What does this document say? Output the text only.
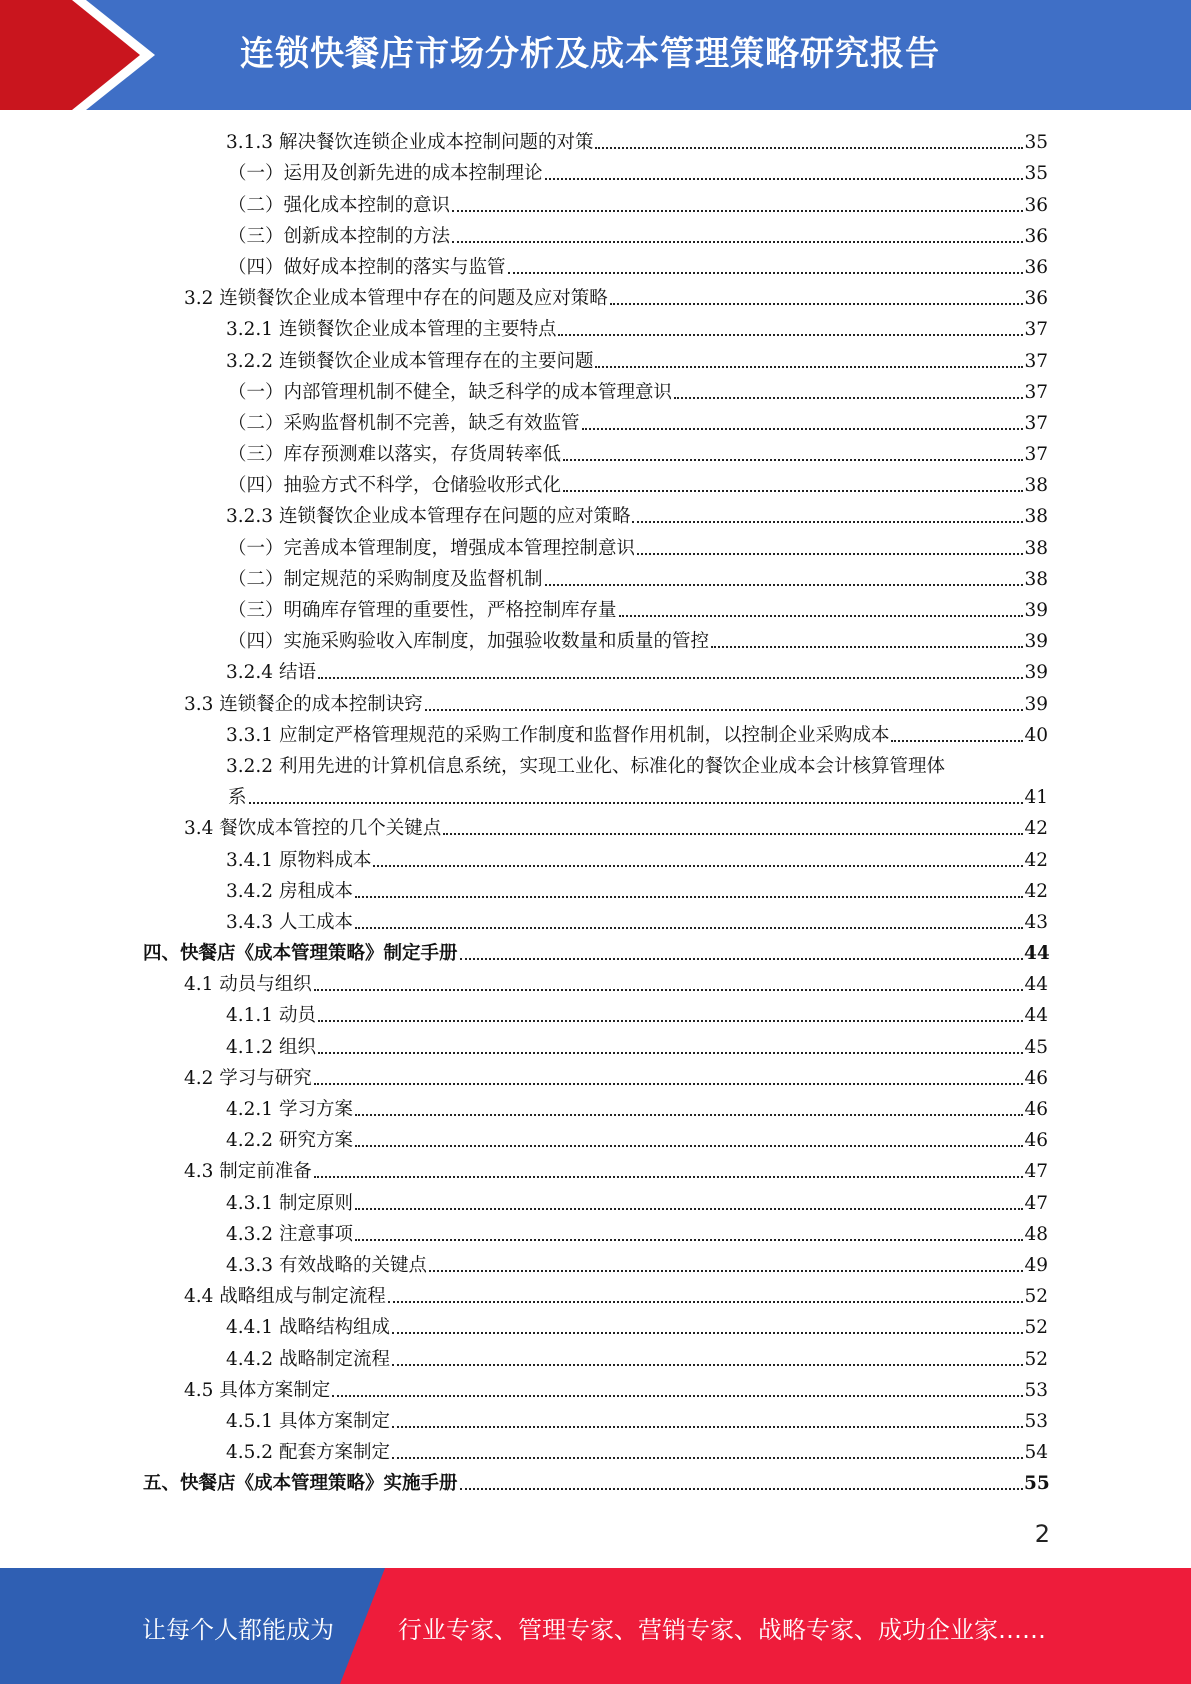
连锁快餐店市场分析及成本管理策略研究报告
3.1.3 解决餐饮连锁企业成本控制问题的对策	35
（一）运用及创新先进的成本控制理论	35
（二）强化成本控制的意识	36
（三）创新成本控制的方法	36
（四）做好成本控制的落实与监管	36
3.2 连锁餐饮企业成本管理中存在的问题及应对策略	36
3.2.1 连锁餐饮企业成本管理的主要特点	37
3.2.2 连锁餐饮企业成本管理存在的主要问题	37
（一）内部管理机制不健全，缺乏科学的成本管理意识	37
（二）采购监督机制不完善，缺乏有效监管	37
（三）库存预测难以落实，存货周转率低	37
（四）抽验方式不科学，仓储验收形式化	38
3.2.3 连锁餐饮企业成本管理存在问题的应对策略	38
（一）完善成本管理制度，增强成本管理控制意识	38
（二）制定规范的采购制度及监督机制	38
（三）明确库存管理的重要性，严格控制库存量	39
（四）实施采购验收入库制度，加强验收数量和质量的管控	39
3.2.4 结语	39
3.3 连锁餐企的成本控制诀窍	39
3.3.1 应制定严格管理规范的采购工作制度和监督作用机制，以控制企业采购成本	40
3.2.2 利用先进的计算机信息系统，实现工业化、标准化的餐饮企业成本会计核算管理体
系	41
3.4 餐饮成本管控的几个关键点	42
3.4.1 原物料成本	42
3.4.2 房租成本	42
3.4.3 人工成本	43
四、快餐店《成本管理策略》制定手册	44
4.1 动员与组织	44
4.1.1 动员	44
4.1.2 组织	45
4.2 学习与研究	46
4.2.1 学习方案	46
4.2.2 研究方案	46
4.3 制定前准备	47
4.3.1 制定原则	47
4.3.2 注意事项	48
4.3.3 有效战略的关键点	49
4.4 战略组成与制定流程	52
4.4.1 战略结构组成	52
4.4.2 战略制定流程	52
4.5 具体方案制定	53
4.5.1 具体方案制定	53
4.5.2 配套方案制定	54
五、快餐店《成本管理策略》实施手册	55
2
让每个人都能成为	行业专家、管理专家、营销专家、战略专家、成功企业家……
